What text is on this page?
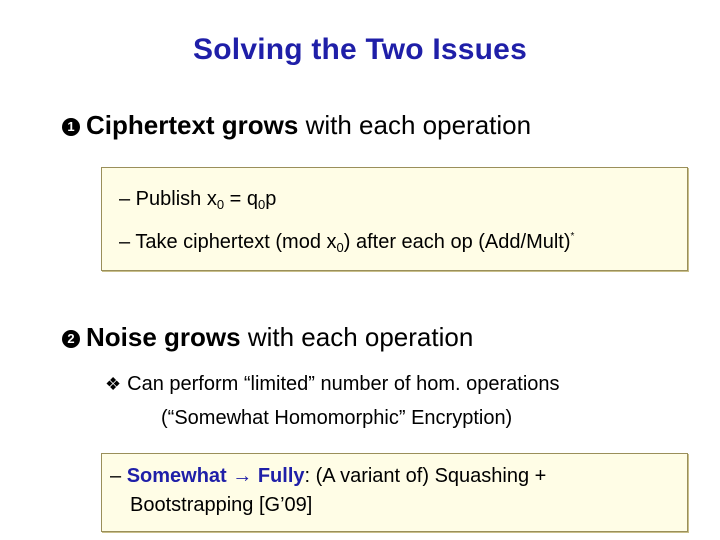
Solving the Two Issues
1 Ciphertext grows with each operation
– Publish $x_0 = q_0p$
– Take ciphertext (mod $x_0$) after each op (Add/Mult)*
2 Noise grows with each operation
❖ Can perform “limited” number of hom. operations
(“Somewhat Homomorphic” Encryption)
– Somewhat → Fully: (A variant of) Squashing +
Bootstrapping [G’09]
